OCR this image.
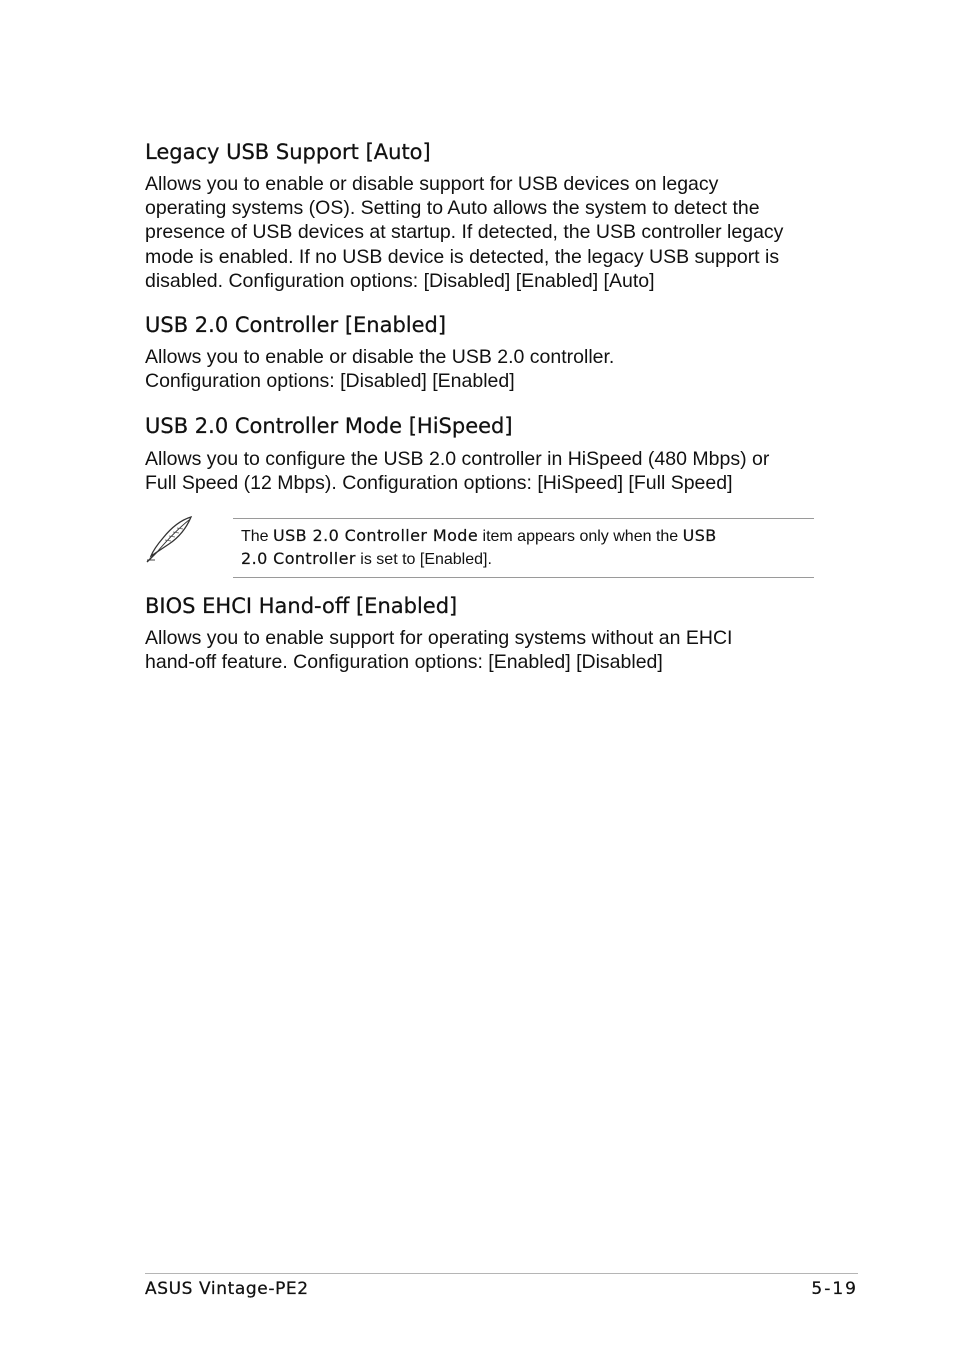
Legacy USB Support [Auto]

Allows you to enable or disable support for USB devices on legacy
operating systems (OS). Setting to Auto allows the system to detect the
presence of USB devices at startup. If detected, the USB controller legacy
mode is enabled. If no USB device is detected, the legacy USB support is
disabled. Configuration options: [Disabled] [Enabled] [Auto]

USB 2.0 Controller [Enabled]

Allows you to enable or disable the USB 2.0 controller.
Configuration options: [Disabled] [Enabled]

USB 2.0 Controller Mode [HiSpeed]

Allows you to configure the USB 2.0 controller in HiSpeed (480 Mbps) or
Full Speed (12 Mbps). Configuration options: [HiSpeed] [Full Speed]

The USB 2.0 Controller Mode item appears only when the USB
2.0 Controller is set to [Enabled].
BIOS EHCI Hand-off [Enabled]

Allows you to enable support for operating systems without an EHCI
hand-off feature. Configuration options: [Enabled] [Disabled]

ASUS Vintage-PE2	5-19
